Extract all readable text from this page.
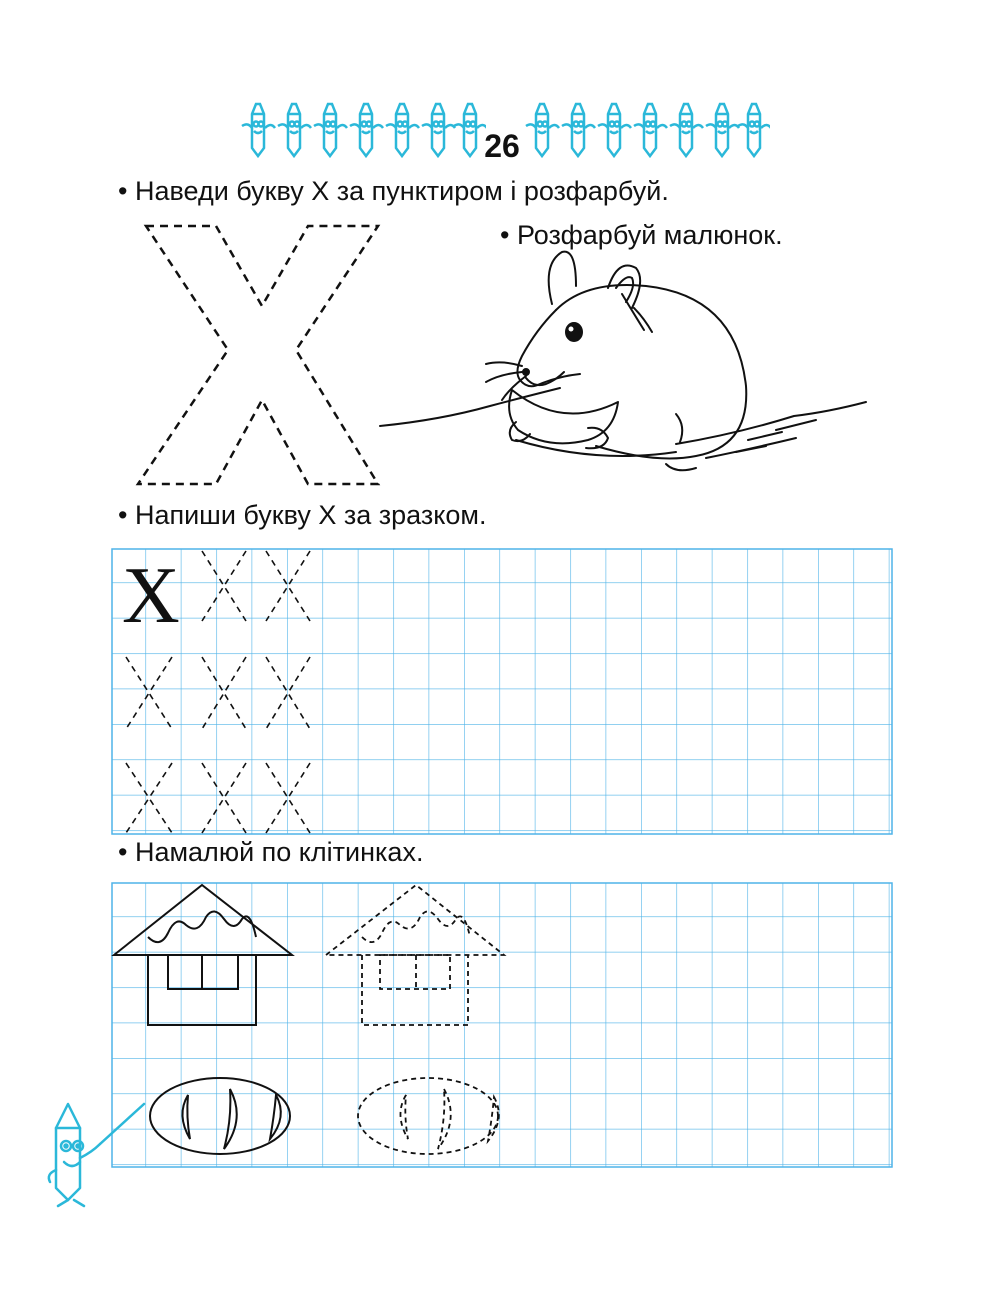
26
• Наведи букву Х за пунктиром і розфарбуй.
• Розфарбуй малюнок.
• Напиши букву Х за зразком.
Х
• Намалюй по клітинках.
